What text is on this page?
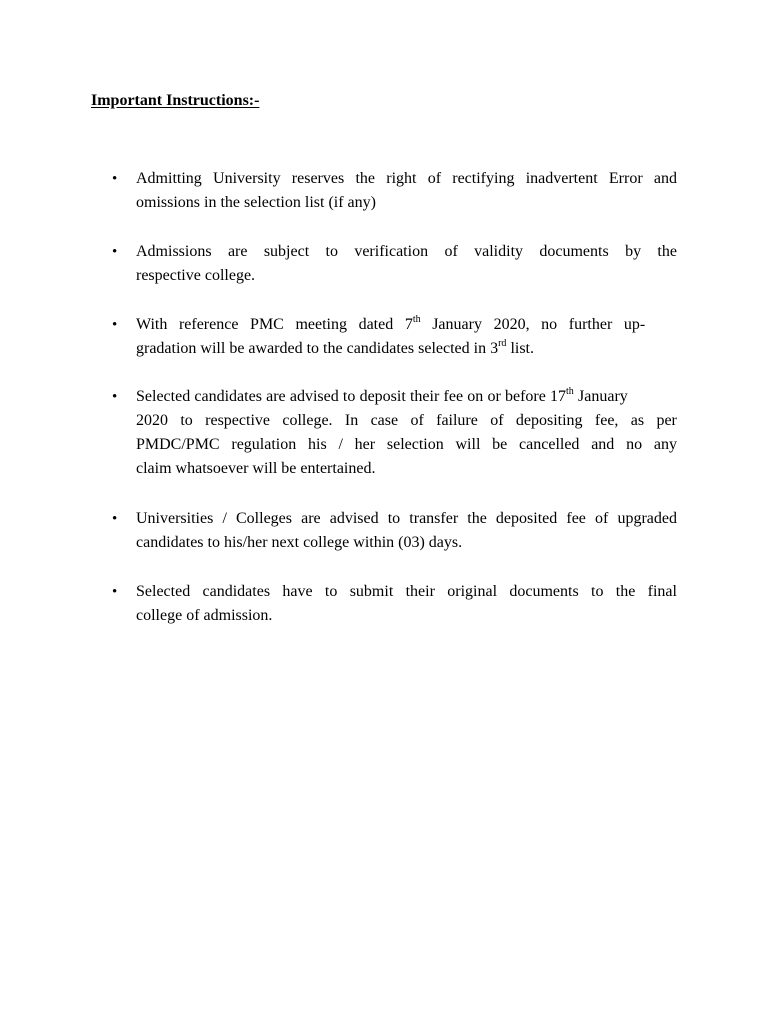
Important Instructions:-
•	Admitting University reserves the right of rectifying inadvertent Error and
omissions in the selection list (if any)
•	Admissions are subject to verification of validity documents by the
respective college.
•	With reference PMC meeting dated 7th January 2020, no further up-
gradation will be awarded to the candidates selected in 3rd list.
•	Selected candidates are advised to deposit their fee on or before 17th January
2020 to respective college. In case of failure of depositing fee, as per
PMDC/PMC regulation his / her selection will be cancelled and no any
claim whatsoever will be entertained.
•	Universities / Colleges are advised to transfer the deposited fee of upgraded
candidates to his/her next college within (03) days.
•	Selected candidates have to submit their original documents to the final
college of admission.
